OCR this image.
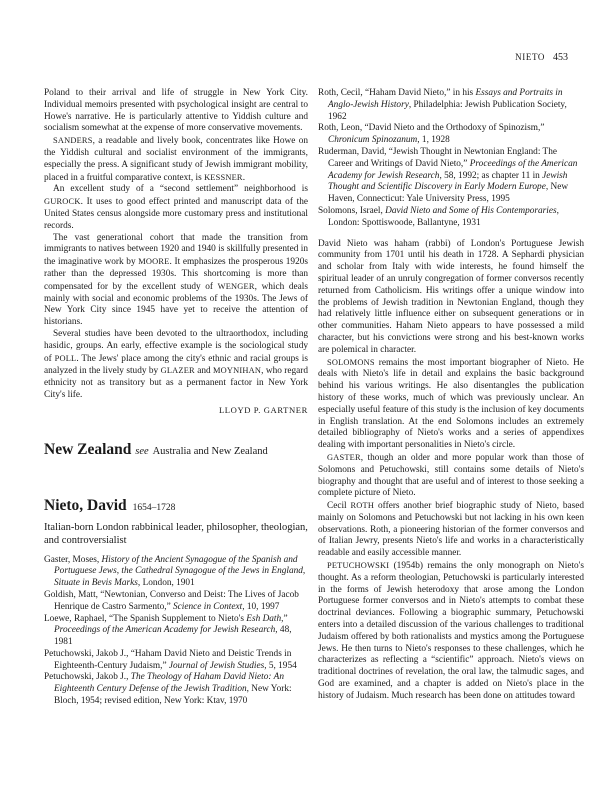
NIETO 453

Poland to their arrival and life of struggle in New York City. Individual memoirs presented with psychological insight are central to Howe's narrative. He is particularly attentive to Yiddish culture and socialism somewhat at the expense of more conservative movements.

SANDERS, a readable and lively book, concentrates like Howe on the Yiddish cultural and socialist environment of the immigrants, especially the press. A significant study of Jewish immigrant mobility, placed in a fruitful comparative context, is KESSNER.

An excellent study of a “second settlement” neighborhood is GUROCK. It uses to good effect printed and manuscript data of the United States census alongside more customary press and institutional records.

The vast generational cohort that made the transition from immigrants to natives between 1920 and 1940 is skillfully presented in the imaginative work by MOORE. It emphasizes the prosperous 1920s rather than the depressed 1930s. This shortcoming is more than compensated for by the excellent study of WENGER, which deals mainly with social and economic problems of the 1930s. The Jews of New York City since 1945 have yet to receive the attention of historians.

Several studies have been devoted to the ultraorthodox, including hasidic, groups. An early, effective example is the sociological study of POLL. The Jews' place among the city's ethnic and racial groups is analyzed in the lively study by GLAZER and MOYNIHAN, who regard ethnicity not as transitory but as a permanent factor in New York City's life.

LLOYD P. GARTNER
New Zealand see Australia and New Zealand
Nieto, David 1654–1728
Italian-born London rabbinical leader, philosopher, theologian, and controversialist
Gaster, Moses, History of the Ancient Synagogue of the Spanish and Portuguese Jews, the Cathedral Synagogue of the Jews in England, Situate in Bevis Marks, London, 1901
Goldish, Matt, “Newtonian, Converso and Deist: The Lives of Jacob Henrique de Castro Sarmento,” Science in Context, 10, 1997
Loewe, Raphael, “The Spanish Supplement to Nieto's Esh Dath,” Proceedings of the American Academy for Jewish Research, 48, 1981
Petuchowski, Jakob J., “Haham David Nieto and Deistic Trends in Eighteenth-Century Judaism,” Journal of Jewish Studies, 5, 1954
Petuchowski, Jakob J., The Theology of Haham David Nieto: An Eighteenth Century Defense of the Jewish Tradition, New York: Bloch, 1954; revised edition, New York: Ktav, 1970
Roth, Cecil, “Haham David Nieto,” in his Essays and Portraits in Anglo-Jewish History, Philadelphia: Jewish Publication Society, 1962
Roth, Leon, “David Nieto and the Orthodoxy of Spinozism,” Chronicum Spinozanum, 1, 1928
Ruderman, David, “Jewish Thought in Newtonian England: The Career and Writings of David Nieto,” Proceedings of the American Academy for Jewish Research, 58, 1992; as chapter 11 in Jewish Thought and Scientific Discovery in Early Modern Europe, New Haven, Connecticut: Yale University Press, 1995
Solomons, Israel, David Nieto and Some of His Contemporaries, London: Spottiswoode, Ballantyne, 1931

David Nieto was haham (rabbi) of London's Portuguese Jewish community from 1701 until his death in 1728. A Sephardi physician and scholar from Italy with wide interests, he found himself the spiritual leader of an unruly congregation of former conversos recently returned from Catholicism. His writings offer a unique window into the problems of Jewish tradition in Newtonian England, though they had relatively little influence either on subsequent generations or in other communities. Haham Nieto appears to have possessed a mild character, but his convictions were strong and his best-known works are polemical in character.

SOLOMONS remains the most important biographer of Nieto. He deals with Nieto's life in detail and explains the basic background behind his various writings. He also disentangles the publication history of these works, much of which was previously unclear. An especially useful feature of this study is the inclusion of key documents in English translation. At the end Solomons includes an extremely detailed bibliography of Nieto's works and a series of appendixes dealing with important personalities in Nieto's circle.

GASTER, though an older and more popular work than those of Solomons and Petuchowski, still contains some details of Nieto's biography and thought that are useful and of interest to those seeking a complete picture of Nieto.

Cecil ROTH offers another brief biographic study of Nieto, based mainly on Solomons and Petuchowski but not lacking in his own keen observations. Roth, a pioneering historian of the former conversos and of Italian Jewry, presents Nieto's life and works in a characteristically readable and easily accessible manner.

PETUCHOWSKI (1954b) remains the only monograph on Nieto's thought. As a reform theologian, Petuchowski is particularly interested in the forms of Jewish heterodoxy that arose among the London Portuguese former conversos and in Nieto's attempts to combat these doctrinal deviances. Following a biographic summary, Petuchowski enters into a detailed discussion of the various challenges to traditional Judaism offered by both rationalists and mystics among the Portuguese Jews. He then turns to Nieto's responses to these challenges, which he characterizes as reflecting a “scientific” approach. Nieto's views on traditional doctrines of revelation, the oral law, the talmudic sages, and God are examined, and a chapter is added on Nieto's place in the history of Judaism. Much research has been done on attitudes toward
